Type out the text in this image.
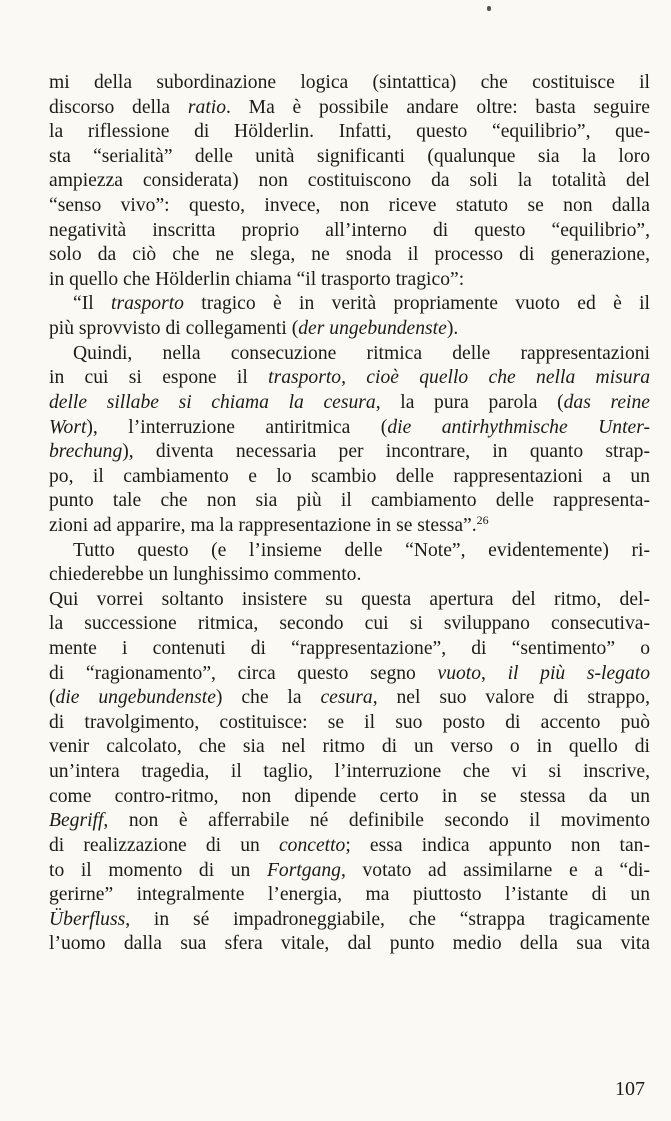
mi della subordinazione logica (sintattica) che costituisce il
discorso della ratio. Ma è possibile andare oltre: basta seguire
la riflessione di Hölderlin. Infatti, questo “equilibrio”, que-
sta “serialità” delle unità significanti (qualunque sia la loro
ampiezza considerata) non costituiscono da soli la totalità del
“senso vivo”: questo, invece, non riceve statuto se non dalla
negatività inscritta proprio all’interno di questo “equilibrio”,
solo da ciò che ne slega, ne snoda il processo di generazione,
in quello che Hölderlin chiama “il trasporto tragico”:
“Il trasporto tragico è in verità propriamente vuoto ed è il
più sprovvisto di collegamenti (der ungebundenste).
Quindi, nella consecuzione ritmica delle rappresentazioni
in cui si espone il trasporto, cioè quello che nella misura
delle sillabe si chiama la cesura, la pura parola (das reine
Wort), l’interruzione antiritmica (die antirhythmische Unter-
brechung), diventa necessaria per incontrare, in quanto strap-
po, il cambiamento e lo scambio delle rappresentazioni a un
punto tale che non sia più il cambiamento delle rappresenta-
zioni ad apparire, ma la rappresentazione in se stessa”.$^{26}$
Tutto questo (e l’insieme delle “Note”, evidentemente) ri-
chiederebbe un lunghissimo commento.
Qui vorrei soltanto insistere su questa apertura del ritmo, del-
la successione ritmica, secondo cui si sviluppano consecutiva-
mente i contenuti di “rappresentazione”, di “sentimento” o
di “ragionamento”, circa questo segno vuoto, il più s-legato
(die ungebundenste) che la cesura, nel suo valore di strappo,
di travolgimento, costituisce: se il suo posto di accento può
venir calcolato, che sia nel ritmo di un verso o in quello di
un’intera tragedia, il taglio, l’interruzione che vi si inscrive,
come contro-ritmo, non dipende certo in se stessa da un
Begriff, non è afferrabile né definibile secondo il movimento
di realizzazione di un concetto; essa indica appunto non tan-
to il momento di un Fortgang, votato ad assimilarne e a “di-
gerirne” integralmente l’energia, ma piuttosto l’istante di un
Überfluss, in sé impadroneggiabile, che “strappa tragicamente
l’uomo dalla sua sfera vitale, dal punto medio della sua vita
107
